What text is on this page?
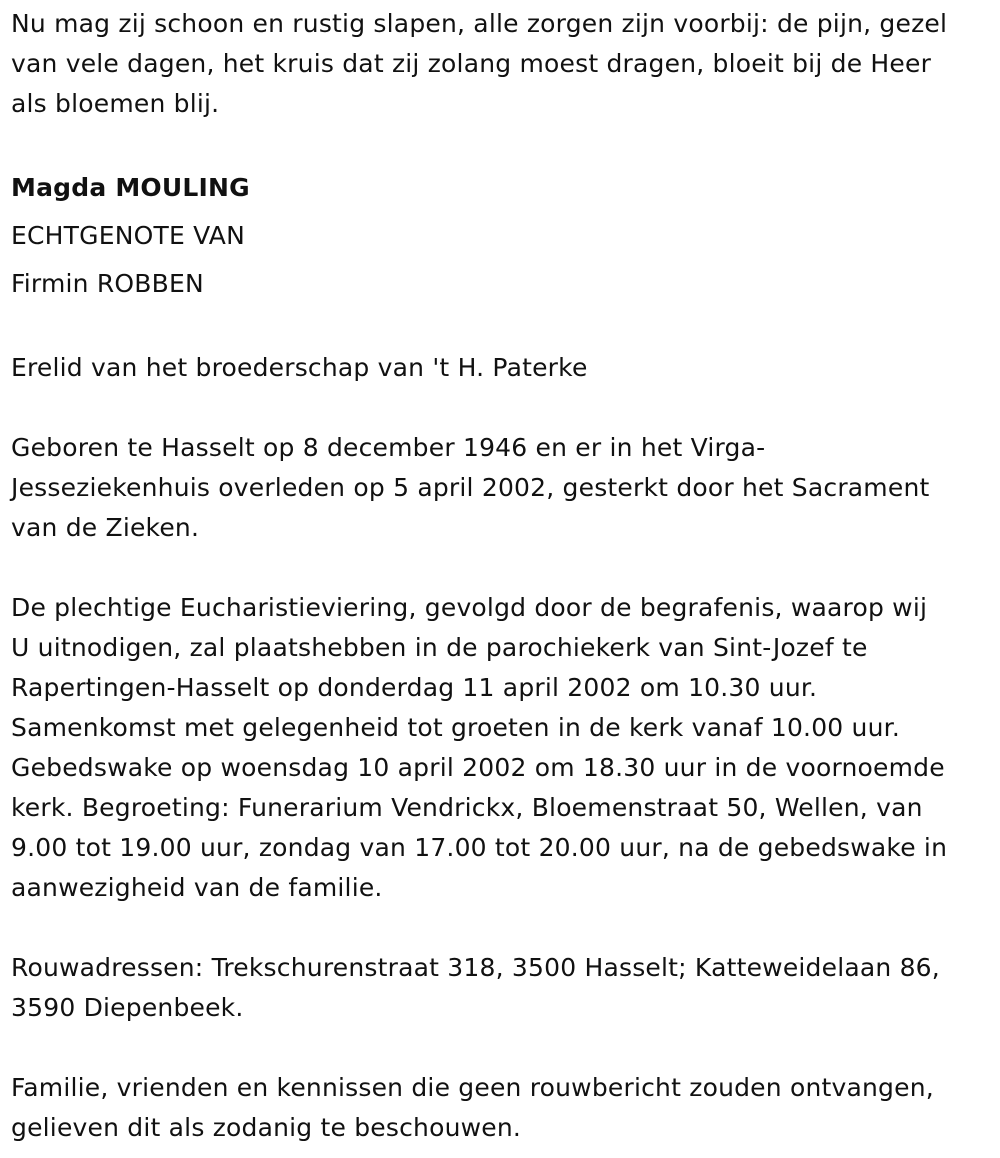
Nu mag zij schoon en rustig slapen, alle zorgen zijn voorbij: de pijn, gezel
van vele dagen, het kruis dat zij zolang moest dragen, bloeit bij de Heer
als bloemen blij.

Magda MOULING

ECHTGENOTE VAN

Firmin ROBBEN

Erelid van het broederschap van 't H. Paterke

Geboren te Hasselt op 8 december 1946 en er in het Virga-
Jesseziekenhuis overleden op 5 april 2002, gesterkt door het Sacrament
van de Zieken.

De plechtige Eucharistieviering, gevolgd door de begrafenis, waarop wij
U uitnodigen, zal plaatshebben in de parochiekerk van Sint-Jozef te
Rapertingen-Hasselt op donderdag 11 april 2002 om 10.30 uur.
Samenkomst met gelegenheid tot groeten in de kerk vanaf 10.00 uur.
Gebedswake op woensdag 10 april 2002 om 18.30 uur in de voornoemde
kerk. Begroeting: Funerarium Vendrickx, Bloemenstraat 50, Wellen, van
9.00 tot 19.00 uur, zondag van 17.00 tot 20.00 uur, na de gebedswake in
aanwezigheid van de familie.

Rouwadressen: Trekschurenstraat 318, 3500 Hasselt; Katteweidelaan 86,
3590 Diepenbeek.

Familie, vrienden en kennissen die geen rouwbericht zouden ontvangen,
gelieven dit als zodanig te beschouwen.
